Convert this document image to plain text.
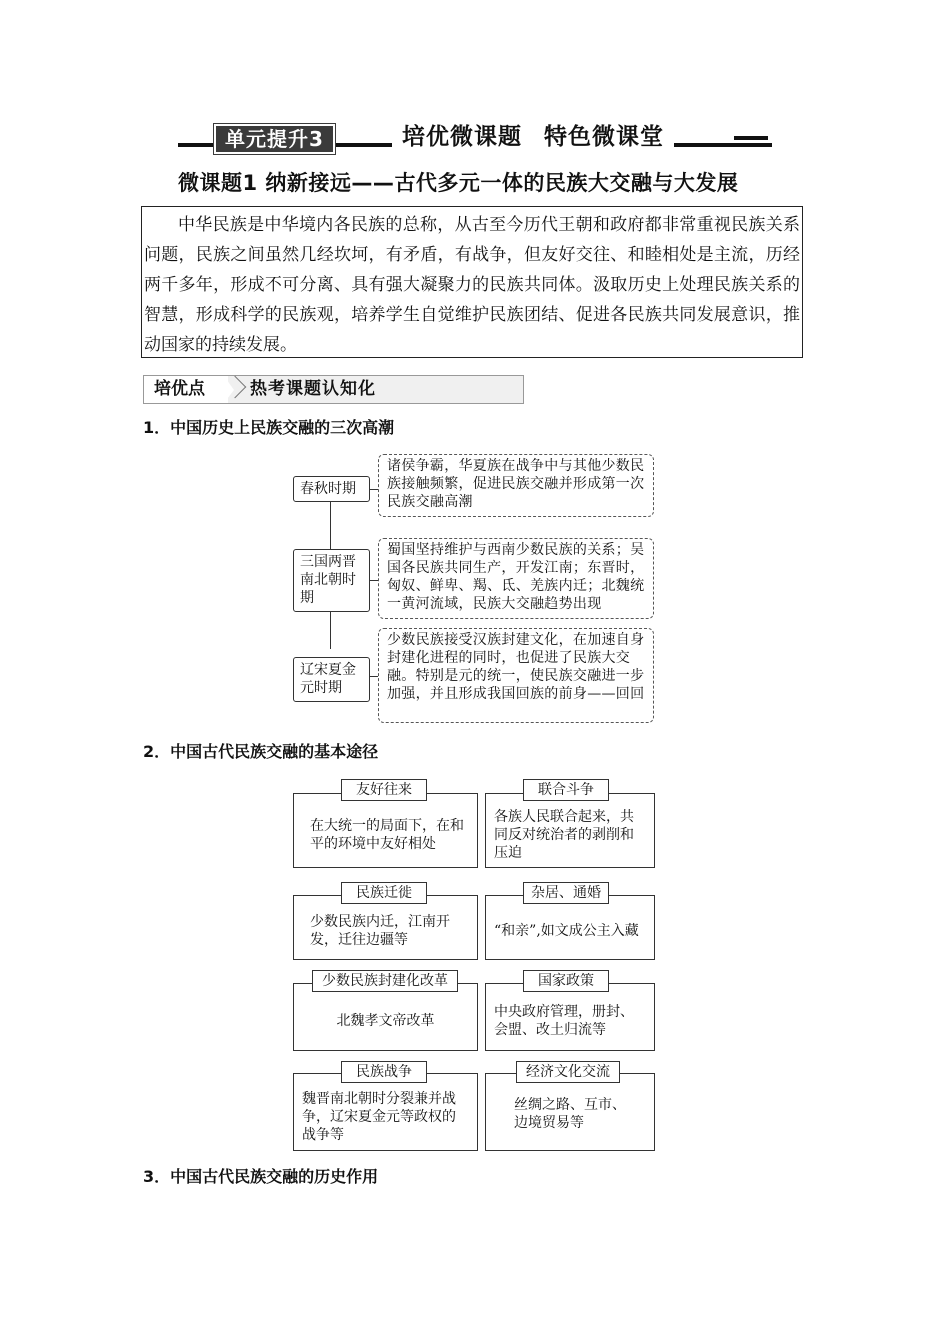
单元提升3	培优微课题 特色微课堂
微课题1 纳新接远——古代多元一体的民族大交融与大发展

中华民族是中华境内各民族的总称，从古至今历代王朝和政府都非常重视民族关系问题，民族之间虽然几经坎坷，有矛盾，有战争，但友好交往、和睦相处是主流，历经两千多年，形成不可分离、具有强大凝聚力的民族共同体。汲取历史上处理民族关系的智慧，形成科学的民族观，培养学生自觉维护民族团结、促进各民族共同发展意识，推动国家的持续发展。

培优点	热考课题认知化
1．中国历史上民族交融的三次高潮
春秋时期
诸侯争霸，华夏族在战争中与其他少数民族接触频繁，促进民族交融并形成第一次民族交融高潮
三国两晋南北朝时期
蜀国坚持维护与西南少数民族的关系；吴国各民族共同生产，开发江南；东晋时，匈奴、鲜卑、羯、氐、羌族内迁；北魏统一黄河流域，民族大交融趋势出现
辽宋夏金元时期
少数民族接受汉族封建文化，在加速自身封建化进程的同时，也促进了民族大交融。特别是元的统一，使民族交融进一步加强，并且形成我国回族的前身——回回
2．中国古代民族交融的基本途径
在大统一的局面下，在和平的环境中友好相处
友好往来
各族人民联合起来，共同反对统治者的剥削和压迫
联合斗争
少数民族内迁，江南开发，迁往边疆等
民族迁徙
“和亲”,如文成公主入藏
杂居、通婚
北魏孝文帝改革
少数民族封建化改革
中央政府管理，册封、会盟、改土归流等
国家政策
魏晋南北朝时分裂兼并战争，辽宋夏金元等政权的战争等
民族战争
丝绸之路、互市、边境贸易等
经济文化交流
3．中国古代民族交融的历史作用
